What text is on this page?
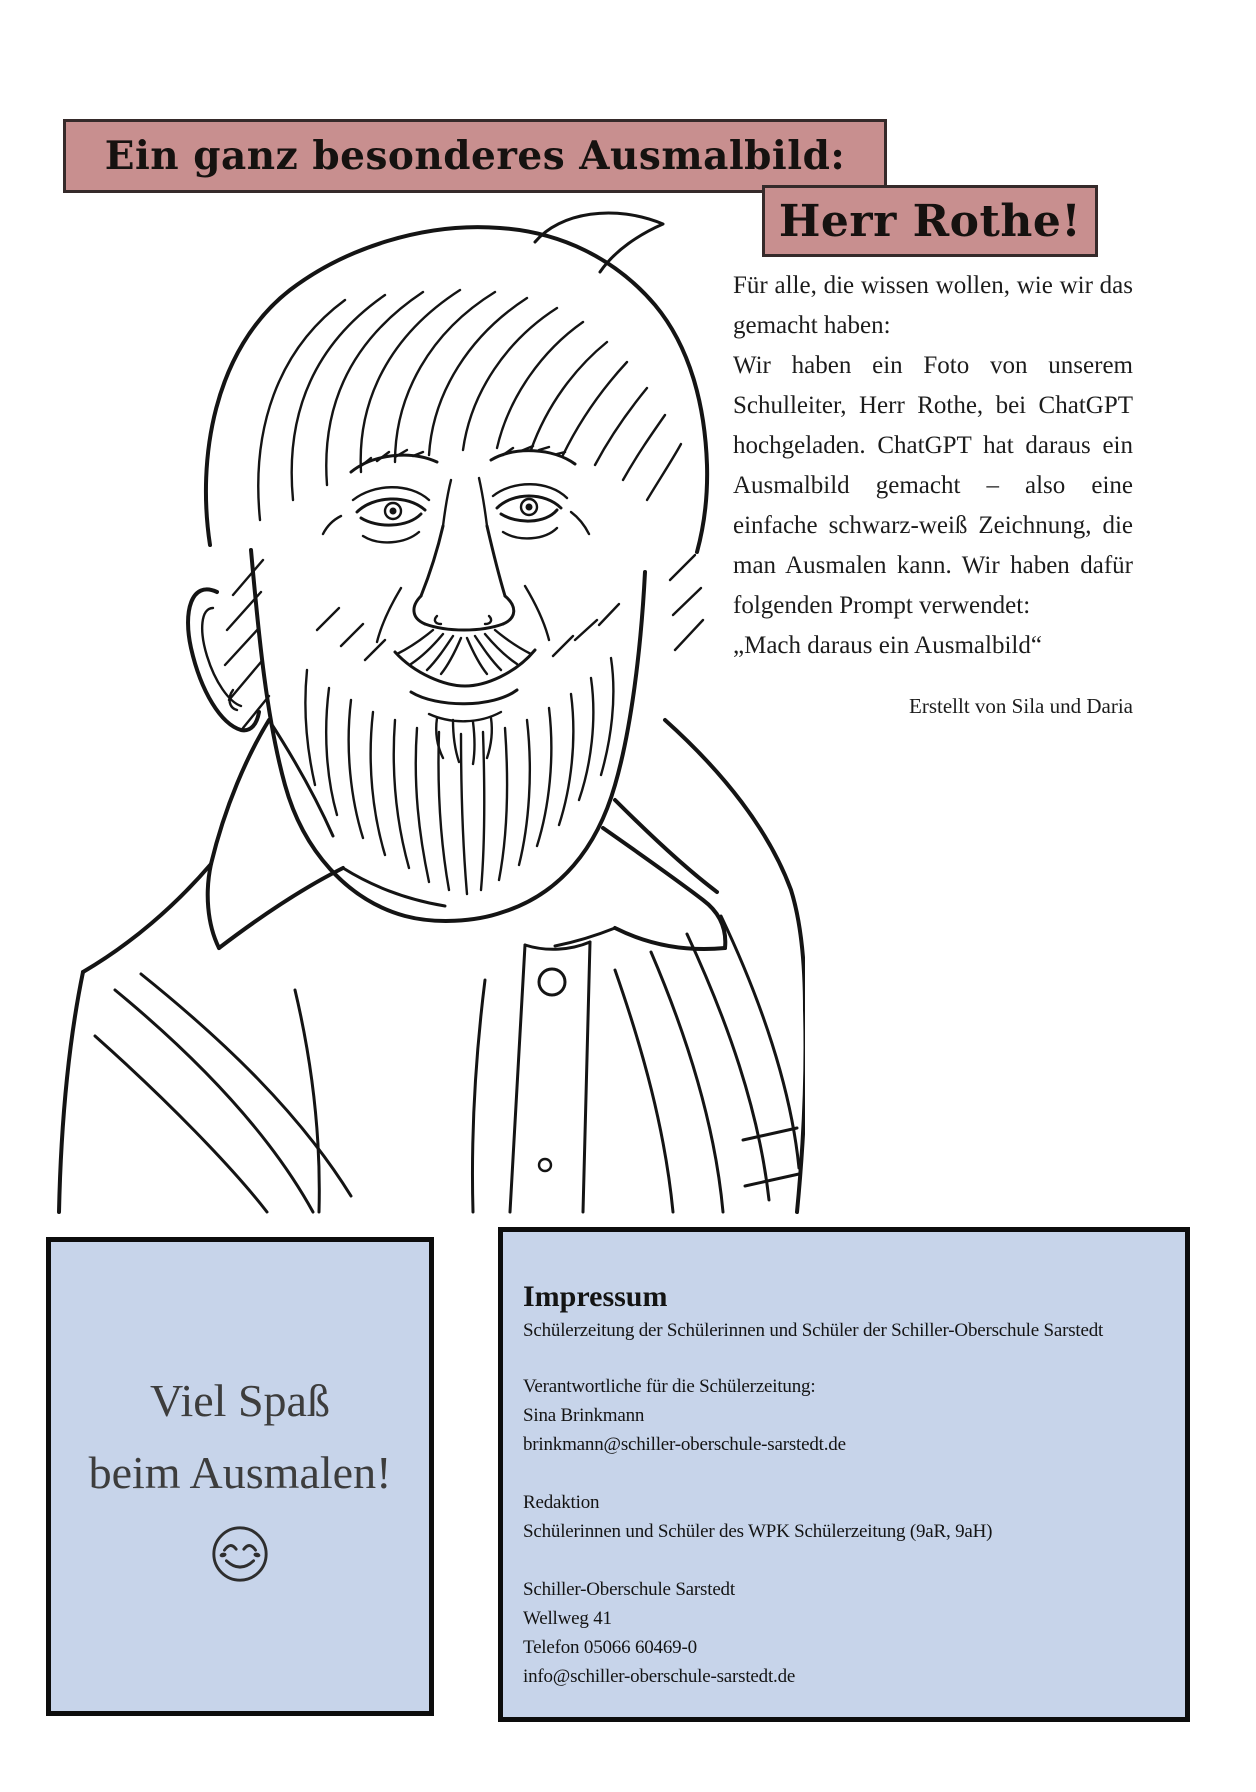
Ein ganz besonderes Ausmalbild:
Herr Rothe!

Für alle, die wissen wollen, wie wir das gemacht haben:

Wir haben ein Foto von unserem Schulleiter, Herr Rothe, bei ChatGPT hochgeladen. ChatGPT hat daraus ein Ausmalbild gemacht – also eine einfache schwarz-weiß Zeichnung, die man Ausmalen kann. Wir haben dafür folgenden Prompt verwendet:

„Mach daraus ein Ausmalbild“

Erstellt von Sila und Daria

Viel Spaß
beim Ausmalen!

Impressum

Schülerzeitung der Schülerinnen und Schüler der Schiller-Oberschule Sarstedt

Verantwortliche für die Schülerzeitung:

Sina Brinkmann

brinkmann@schiller-oberschule-sarstedt.de

Redaktion

Schülerinnen und Schüler des WPK Schülerzeitung (9aR, 9aH)

Schiller-Oberschule Sarstedt

Wellweg 41

Telefon 05066 60469-0

info@schiller-oberschule-sarstedt.de
